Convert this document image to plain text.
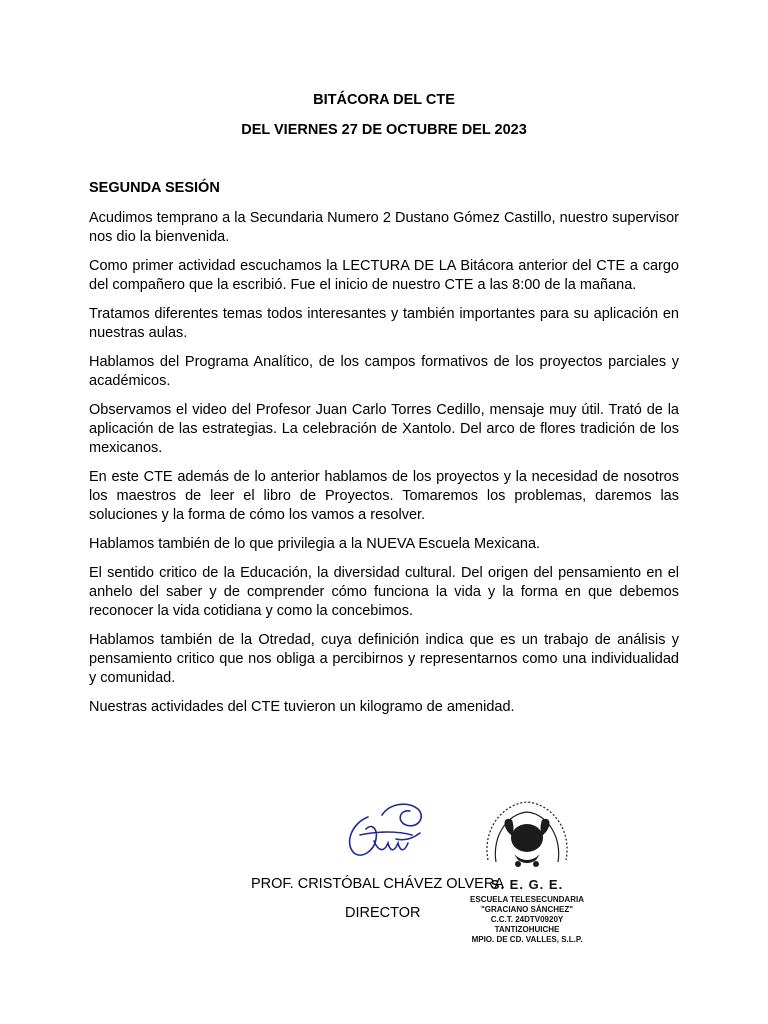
BITÁCORA DEL CTE
DEL VIERNES 27 DE OCTUBRE DEL 2023
SEGUNDA SESIÓN

Acudimos temprano a la Secundaria Numero 2 Dustano Gómez Castillo, nuestro supervisor nos dio la bienvenida.

Como primer actividad escuchamos la LECTURA DE LA Bitácora anterior del CTE a cargo del compañero que la escribió. Fue el inicio de nuestro CTE a las 8:00 de la mañana.

Tratamos diferentes temas todos interesantes y también importantes para su aplicación en nuestras aulas.

Hablamos del Programa Analítico, de los campos formativos de los proyectos parciales y académicos.

Observamos el video del Profesor Juan Carlo Torres Cedillo, mensaje muy útil. Trató de la aplicación de las estrategias. La celebración de Xantolo. Del arco de flores tradición de los mexicanos.

En este CTE además de lo anterior hablamos de los proyectos y la necesidad de nosotros los maestros de leer el libro de Proyectos. Tomaremos los problemas, daremos las soluciones y la forma de cómo los vamos a resolver.

Hablamos también de lo que privilegia a la NUEVA Escuela Mexicana.

El sentido critico de la Educación, la diversidad cultural. Del origen del pensamiento en el anhelo del saber y de comprender cómo funciona la vida y la forma en que debemos reconocer la vida cotidiana y como la concebimos.

Hablamos también de la Otredad, cuya definición indica que es un trabajo de análisis y pensamiento critico que nos obliga a percibirnos y representarnos como una individualidad y comunidad.

Nuestras actividades del CTE tuvieron un kilogramo de amenidad.

S. E. G. E.
ESCUELA TELESECUNDARIA
"GRACIANO SÁNCHEZ"
C.C.T. 24DTV0920Y
TANTIZOHUICHE
MPIO. DE CD. VALLES, S.L.P.
PROF. CRISTÓBAL CHÁVEZ OLVERA
DIRECTOR
